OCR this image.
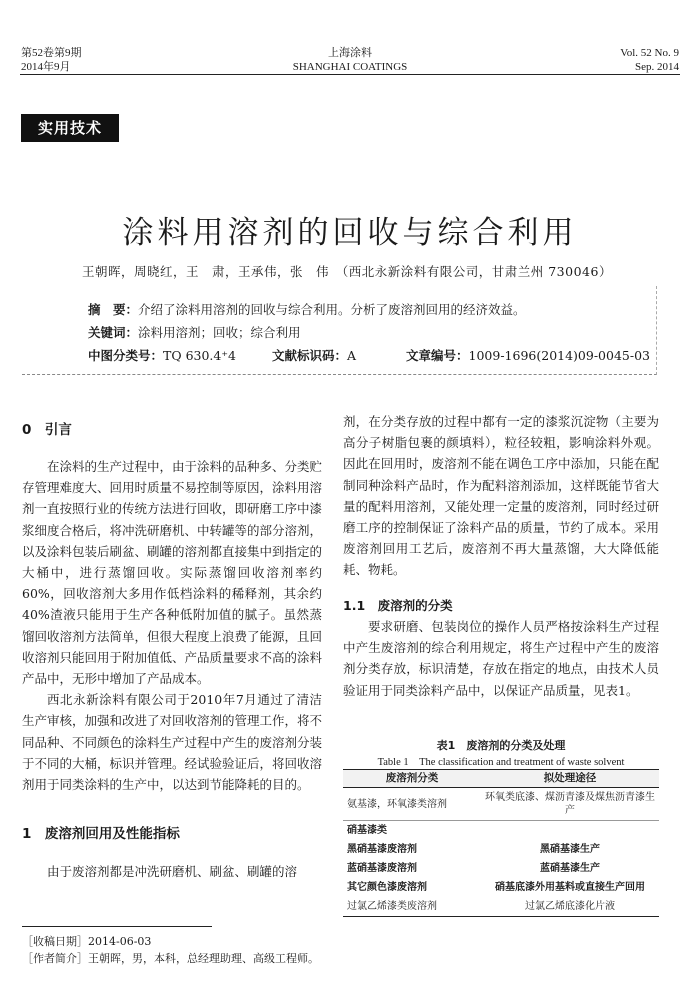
第52卷第9期
2014年9月
上海涂料
SHANGHAI COATINGS
Vol. 52 No. 9
Sep. 2014
实用技术
涂料用溶剂的回收与综合利用
王朝晖，周晓红，王　肃，王承伟，张　伟　（西北永新涂料有限公司，甘肃兰州 730046）
摘　要：介绍了涂料用溶剂的回收与综合利用。分析了废溶剂回用的经济效益。
关键词：涂料用溶剂；回收；综合利用
中图分类号：TQ 630.4⁺4	文献标识码：A	文章编号：1009-1696(2014)09-0045-03
0　引言

在涂料的生产过程中，由于涂料的品种多、分类贮存管理难度大、回用时质量不易控制等原因，涂料用溶剂一直按照行业的传统方法进行回收，即研磨工序中漆浆细度合格后，将冲洗研磨机、中转罐等的部分溶剂，以及涂料包装后刷盆、刷罐的溶剂都直接集中到指定的大桶中，进行蒸馏回收。实际蒸馏回收溶剂率约60%，回收溶剂大多用作低档涂料的稀释剂，其余约40%渣液只能用于生产各种低附加值的腻子。虽然蒸馏回收溶剂方法简单，但很大程度上浪费了能源，且回收溶剂只能回用于附加值低、产品质量要求不高的涂料产品中，无形中增加了产品成本。

西北永新涂料有限公司于2010年7月通过了清洁生产审核，加强和改进了对回收溶剂的管理工作，将不同品种、不同颜色的涂料生产过程中产生的废溶剂分装于不同的大桶，标识并管理。经试验验证后，将回收溶剂用于同类涂料的生产中，以达到节能降耗的目的。

1　废溶剂回用及性能指标

由于废溶剂都是冲洗研磨机、刷盆、刷罐的溶

剂，在分类存放的过程中都有一定的漆浆沉淀物（主要为高分子树脂包裹的颜填料），粒径较粗，影响涂料外观。因此在回用时，废溶剂不能在调色工序中添加，只能在配制同种涂料产品时，作为配料溶剂添加，这样既能节省大量的配料用溶剂，又能处理一定量的废溶剂，同时经过研磨工序的控制保证了涂料产品的质量，节约了成本。采用废溶剂回用工艺后，废溶剂不再大量蒸馏，大大降低能耗、物耗。

1.1　废溶剂的分类

要求研磨、包装岗位的操作人员严格按涂料生产过程中产生废溶剂的综合利用规定，将生产过程中产生的废溶剂分类存放，标识清楚，存放在指定的地点，由技术人员验证用于同类涂料产品中，以保证产品质量，见表1。

表1　废溶剂的分类及处理
Table 1　The classification and treatment of waste solvent
废溶剂分类	拟处理途径
氨基漆，环氧漆类溶剂	环氧类底漆、煤沥青漆及煤焦沥青漆生产
硝基漆类	
黑硝基漆废溶剂	黑硝基漆生产
蓝硝基漆废溶剂	蓝硝基漆生产
其它颜色漆废溶剂	硝基底漆外用基料或直接生产回用
过氯乙烯漆类废溶剂	过氯乙烯底漆化片液
［收稿日期］2014-06-03
［作者简介］王朝晖，男，本科，总经理助理、高级工程师。
